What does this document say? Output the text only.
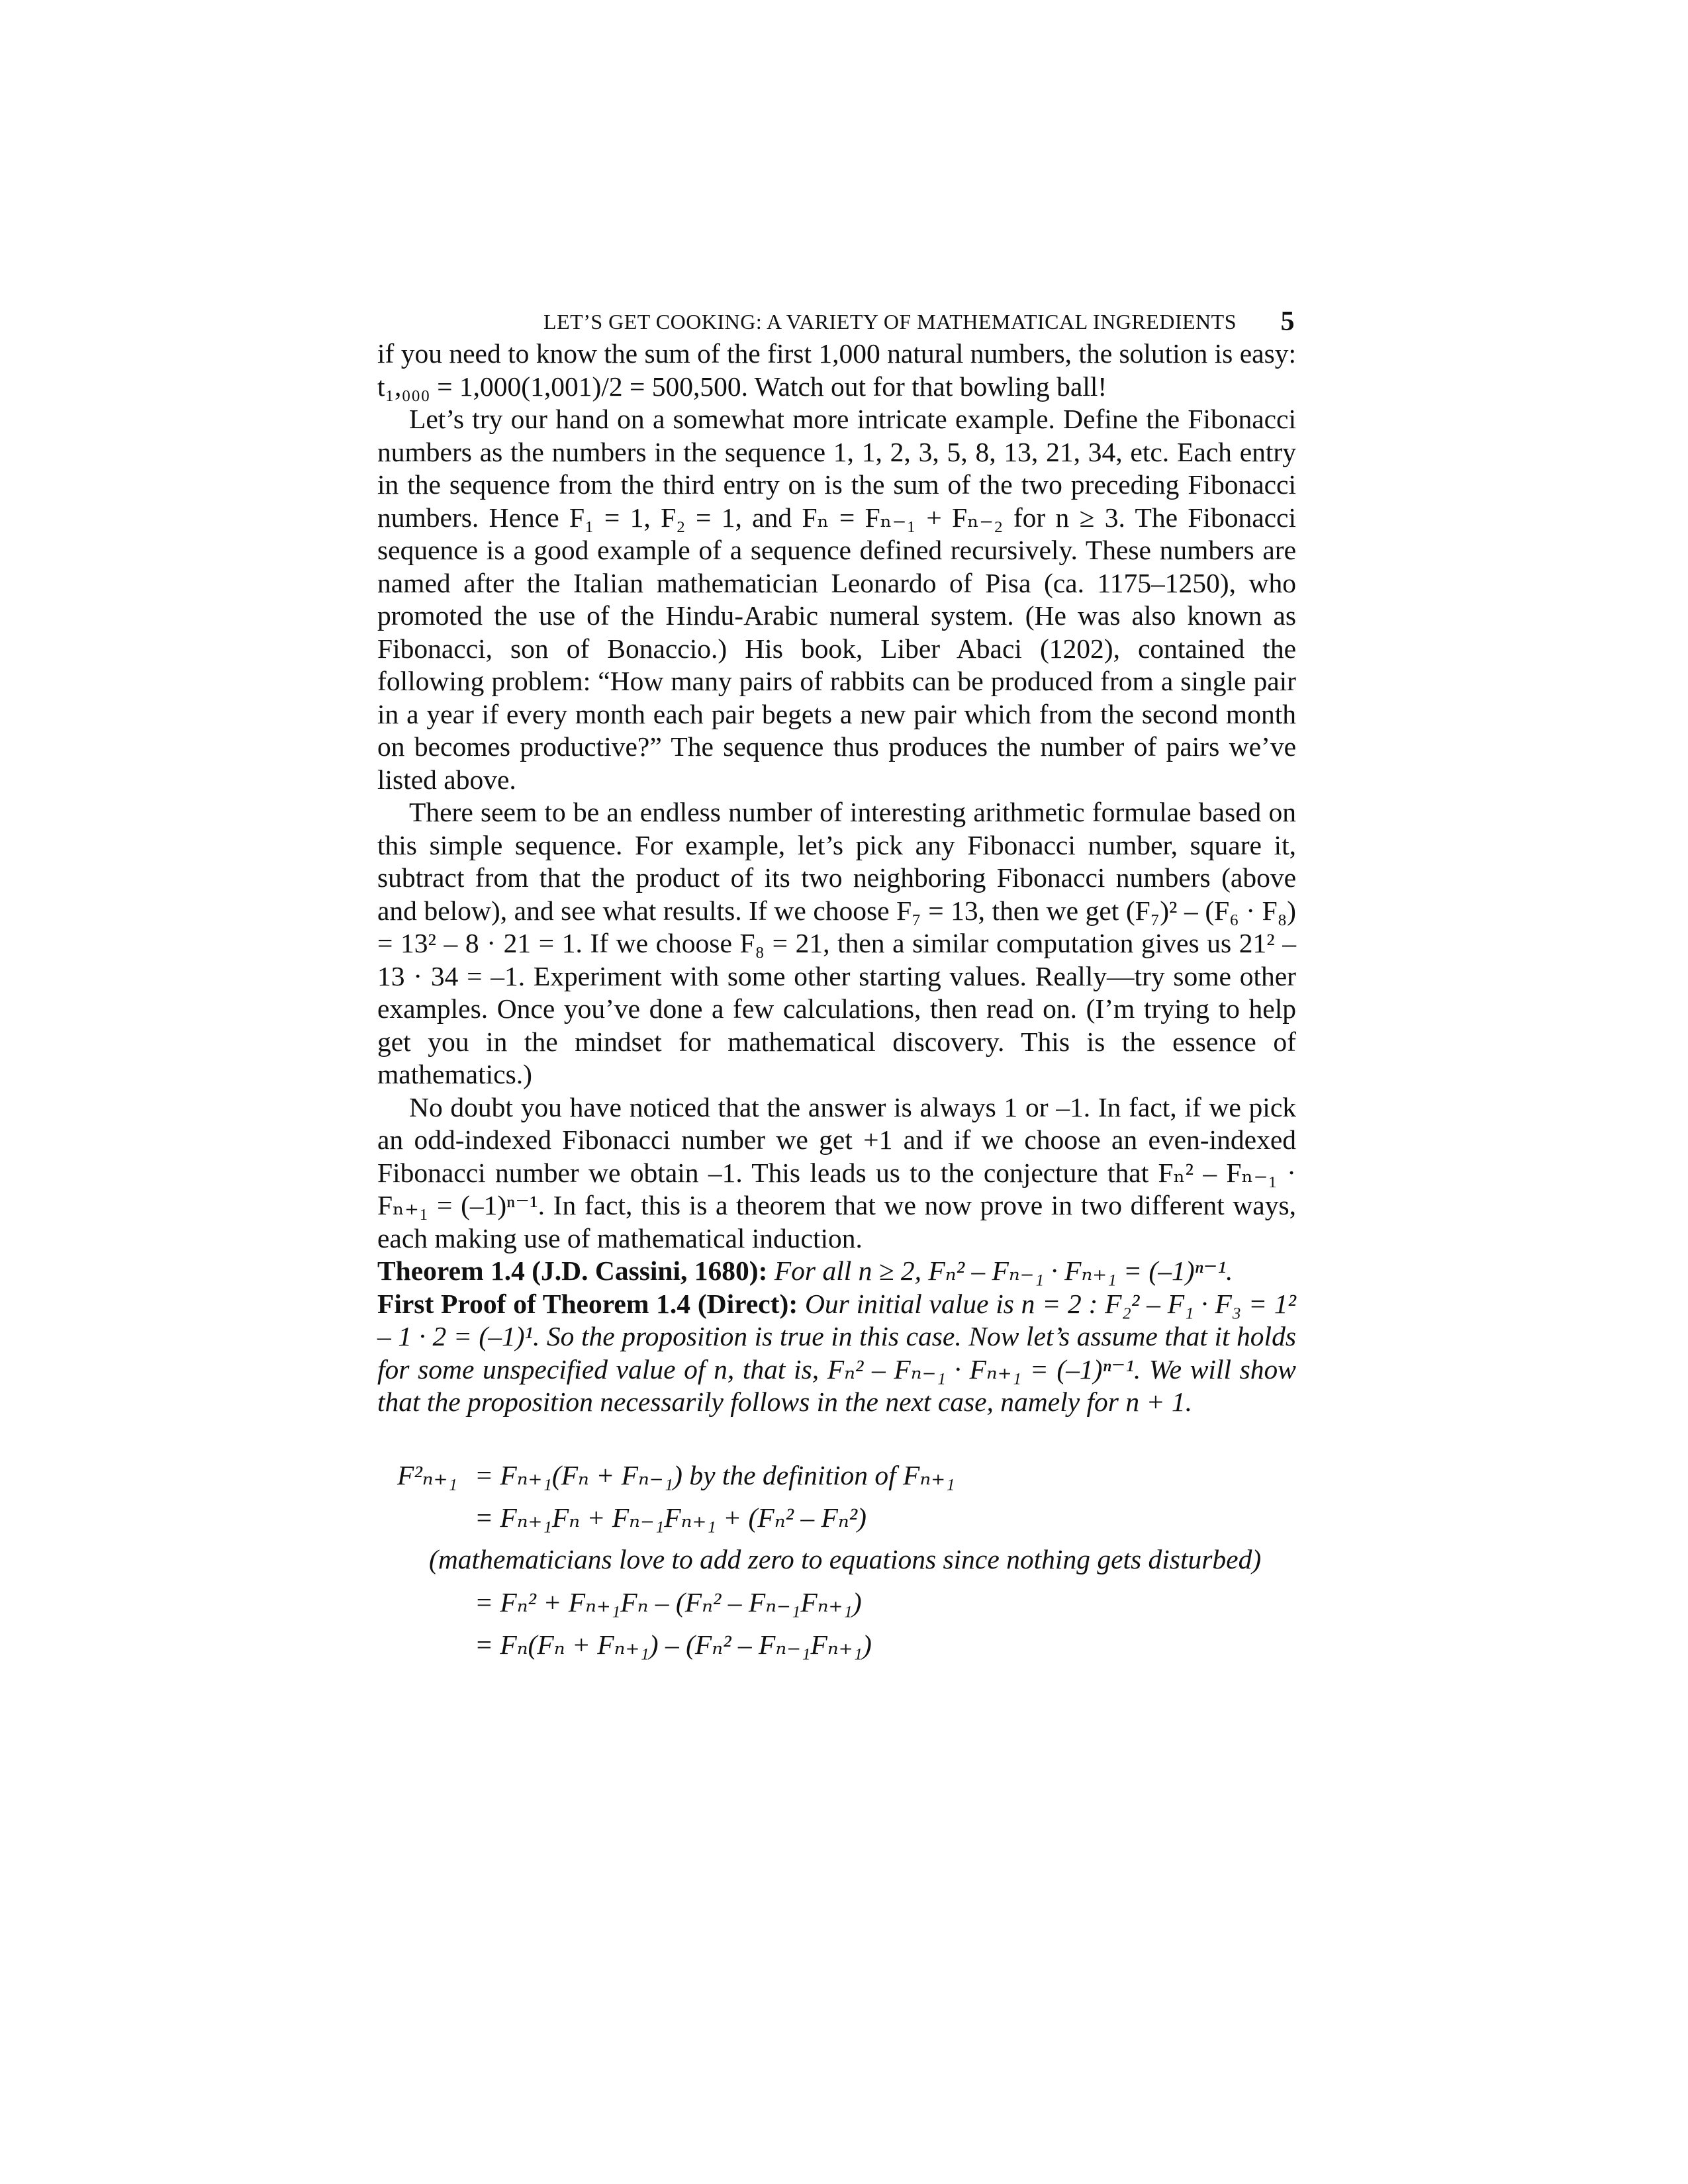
LET’S GET COOKING: A VARIETY OF MATHEMATICAL INGREDIENTS 5

if you need to know the sum of the first 1,000 natural numbers, the solution is easy: t₁,₀₀₀ = 1,000(1,001)/2 = 500,500. Watch out for that bowling ball!

Let’s try our hand on a somewhat more intricate example. Define the Fibonacci numbers as the numbers in the sequence 1, 1, 2, 3, 5, 8, 13, 21, 34, etc. Each entry in the sequence from the third entry on is the sum of the two preceding Fibonacci numbers. Hence F₁ = 1, F₂ = 1, and Fₙ = Fₙ₋₁ + Fₙ₋₂ for n ≥ 3. The Fibonacci sequence is a good example of a sequence defined recursively. These numbers are named after the Italian mathematician Leonardo of Pisa (ca. 1175–1250), who promoted the use of the Hindu-Arabic numeral system. (He was also known as Fibonacci, son of Bonaccio.) His book, Liber Abaci (1202), contained the following problem: “How many pairs of rabbits can be produced from a single pair in a year if every month each pair begets a new pair which from the second month on becomes productive?” The sequence thus produces the number of pairs we’ve listed above.

There seem to be an endless number of interesting arithmetic formulae based on this simple sequence. For example, let’s pick any Fibonacci number, square it, subtract from that the product of its two neighboring Fibonacci numbers (above and below), and see what results. If we choose F₇ = 13, then we get (F₇)² – (F₆ · F₈) = 13² – 8 · 21 = 1. If we choose F₈ = 21, then a similar computation gives us 21² – 13 · 34 = –1. Experiment with some other starting values. Really—try some other examples. Once you’ve done a few calculations, then read on. (I’m trying to help get you in the mindset for mathematical discovery. This is the essence of mathematics.)

No doubt you have noticed that the answer is always 1 or –1. In fact, if we pick an odd-indexed Fibonacci number we get +1 and if we choose an even-indexed Fibonacci number we obtain –1. This leads us to the conjecture that Fₙ² – Fₙ₋₁ · Fₙ₊₁ = (–1)ⁿ⁻¹. In fact, this is a theorem that we now prove in two different ways, each making use of mathematical induction.

Theorem 1.4 (J.D. Cassini, 1680): For all n ≥ 2, Fₙ² – Fₙ₋₁ · Fₙ₊₁ = (–1)ⁿ⁻¹.

First Proof of Theorem 1.4 (Direct): Our initial value is n = 2 : F₂² – F₁ · F₃ = 1² – 1 · 2 = (–1)¹. So the proposition is true in this case. Now let’s assume that it holds for some unspecified value of n, that is, Fₙ² – Fₙ₋₁ · Fₙ₊₁ = (–1)ⁿ⁻¹. We will show that the proposition necessarily follows in the next case, namely for n + 1.

F²ₙ₊₁ = Fₙ₊₁(Fₙ + Fₙ₋₁) by the definition of Fₙ₊₁
= Fₙ₊₁Fₙ + Fₙ₋₁Fₙ₊₁ + (Fₙ² – Fₙ²)
(mathematicians love to add zero to equations since nothing gets disturbed)
= Fₙ² + Fₙ₊₁Fₙ – (Fₙ² – Fₙ₋₁Fₙ₊₁)
= Fₙ(Fₙ + Fₙ₊₁) – (Fₙ² – Fₙ₋₁Fₙ₊₁)
